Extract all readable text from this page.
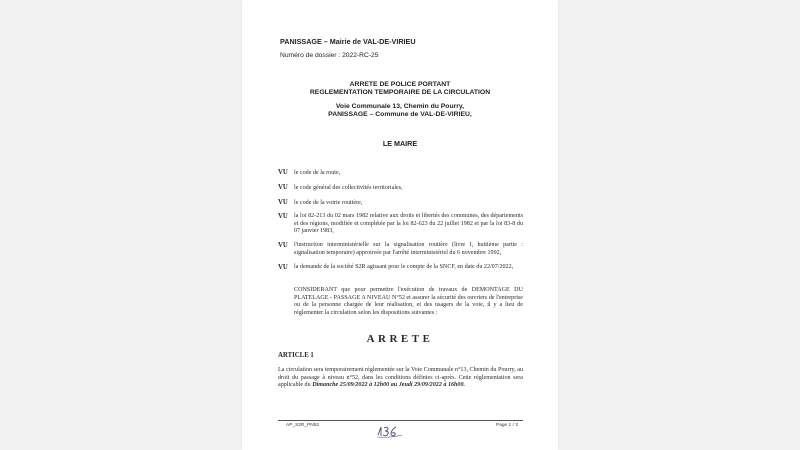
PANISSAGE – Mairie de VAL-DE-VIRIEU
Numéro de dossier : 2022-RC-25
ARRETE DE POLICE PORTANT
REGLEMENTATION TEMPORAIRE DE LA CIRCULATION
Voie Communale 13, Chemin du Pourry,
PANISSAGE – Commune de VAL-DE-VIRIEU,
LE MAIRE
VU le code de la route,
VU le code général des collectivités territoriales,
VU le code de la voirie routière,
VU la loi 82-213 du 02 mars 1982 relative aux droits et libertés des communes, des départements et des régions, modifiée et complétée par la loi 82-623 du 22 juillet 1982 et par la loi 83-8 du 07 janvier 1983,
VU l'instruction interministérielle sur la signalisation routière (livre I, huitième partie : signalisation temporaire) approuvée par l'arrêté interministériel du 6 novembre 1992,
VU la demande de la société S2R agissant pour le compte de la SNCF, en date du 22/07/2022,
CONSIDERANT que pour permettre l'exécution de travaux de DEMONTAGE DU PLATELAGE - PASSAGE A NIVEAU N°52 et assurer la sécurité des ouvriers de l'entreprise ou de la personne chargée de leur réalisation, et des usagers de la voie, il y a lieu de réglementer la circulation selon les dispositions suivantes :
ARRETE
ARTICLE 1
La circulation sera temporairement réglementée sur la Voie Communale n°13, Chemin du Pourry, au droit du passage à niveau n°52, dans les conditions définies ci-après. Cette réglementation sera applicable du Dimanche 25/09/2022 à 12h00 au Jeudi 29/09/2022 à 16h00.
AP_S2R_PN52	Page 1 / 3
